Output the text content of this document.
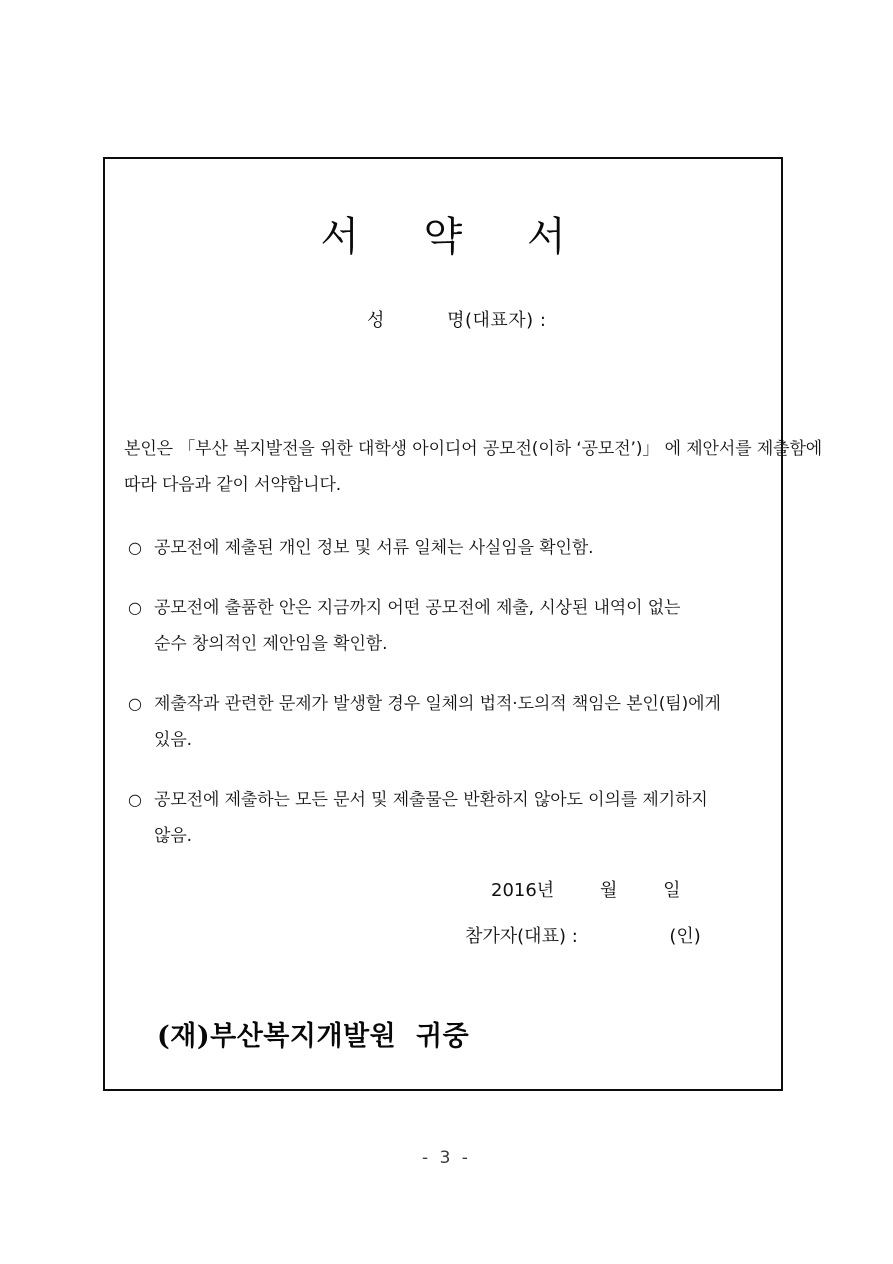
서 약 서
성          명(대표자) :
본인은 「부산 복지발전을 위한 대학생 아이디어 공모전(이하 ‘공모전’)」 에 제안서를 제출함에
따라 다음과 같이 서약합니다.
○ 공모전에 제출된 개인 정보 및 서류 일체는 사실임을 확인함.
○ 공모전에 출품한 안은 지금까지 어떤 공모전에 제출, 시상된 내역이 없는
순수 창의적인 제안임을 확인함.
○ 제출작과 관련한 문제가 발생할 경우 일체의 법적·도의적 책임은 본인(팀)에게
있음.
○ 공모전에 제출하는 모든 문서 및 제출물은 반환하지 않아도 이의를 제기하지
않음.
2016년        월        일
참가자(대표) :                (인)
(재)부산복지개발원  귀중
- 3 -
